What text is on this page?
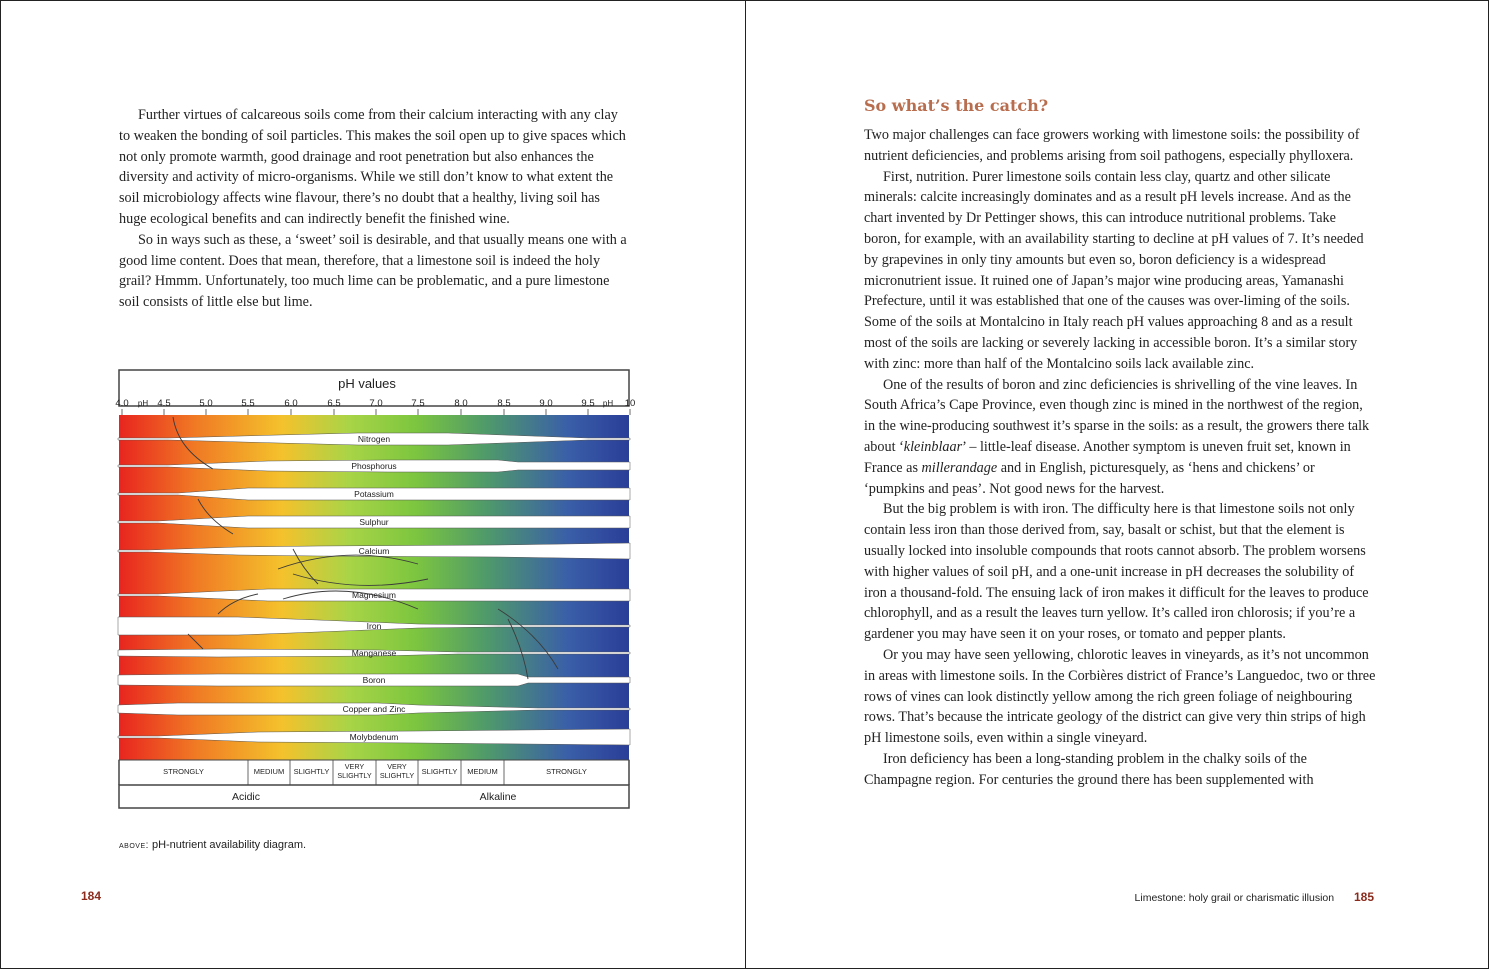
Further virtues of calcareous soils come from their calcium interacting with any clay to weaken the bonding of soil particles. This makes the soil open up to give spaces which not only promote warmth, good drainage and root penetration but also enhances the diversity and activity of micro-organisms. While we still don’t know to what extent the soil microbiology affects wine flavour, there’s no doubt that a healthy, living soil has huge ecological benefits and can indirectly benefit the finished wine.

So in ways such as these, a ‘sweet’ soil is desirable, and that usually means one with a good lime content. Does that mean, therefore, that a limestone soil is indeed the holy grail? Hmmm. Unfortunately, too much lime can be problematic, and a pure limestone soil consists of little else but lime.

pH values
4.0 pH 4.5	5.0	5.5	6.0	6.5	7.0	7.5	8.0	8.5	9.0	9.5 pH 10
Nitrogen
Phosphorus
Potassium
Sulphur
Calcium
Magnesium
Iron
Manganese
Boron
Copper and Zinc
Molybdenum
STRONGLY	MEDIUM SLIGHTLY
VERY
SLIGHTLY
VERY
SLIGHTLY SLIGHTLY MEDIUM	STRONGLY
Acidic	Alkaline
above: pH-nutrient availability diagram.
184
So what’s the catch?

Two major challenges can face growers working with limestone soils: the possibility of nutrient deficiencies, and problems arising from soil pathogens, especially phylloxera.

First, nutrition. Purer limestone soils contain less clay, quartz and other silicate minerals: calcite increasingly dominates and as a result pH levels increase. And as the chart invented by Dr Pettinger shows, this can introduce nutritional problems. Take boron, for example, with an availability starting to decline at pH values of 7. It’s needed by grapevines in only tiny amounts but even so, boron deficiency is a widespread micronutrient issue. It ruined one of Japan’s major wine producing areas, Yamanashi Prefecture, until it was established that one of the causes was over-liming of the soils. Some of the soils at Montalcino in Italy reach pH values approaching 8 and as a result most of the soils are lacking or severely lacking in accessible boron. It’s a similar story with zinc: more than half of the Montalcino soils lack available zinc.

One of the results of boron and zinc deficiencies is shrivelling of the vine leaves. In South Africa’s Cape Province, even though zinc is mined in the northwest of the region, in the wine-producing southwest it’s sparse in the soils: as a result, the growers there talk about ‘kleinblaar’ – little-leaf disease. Another symptom is uneven fruit set, known in France as millerandage and in English, picturesquely, as ‘hens and chickens’ or ‘pumpkins and peas’. Not good news for the harvest.

But the big problem is with iron. The difficulty here is that limestone soils not only contain less iron than those derived from, say, basalt or schist, but that the element is usually locked into insoluble compounds that roots cannot absorb. The problem worsens with higher values of soil pH, and a one-unit increase in pH decreases the solubility of iron a thousand-fold. The ensuing lack of iron makes it difficult for the leaves to produce chlorophyll, and as a result the leaves turn yellow. It’s called iron chlorosis; if you’re a gardener you may have seen it on your roses, or tomato and pepper plants.

Or you may have seen yellowing, chlorotic leaves in vineyards, as it’s not uncommon in areas with limestone soils. In the Corbières district of France’s Languedoc, two or three rows of vines can look distinctly yellow among the rich green foliage of neighbouring rows. That’s because the intricate geology of the district can give very thin strips of high pH limestone soils, even within a single vineyard.

Iron deficiency has been a long-standing problem in the chalky soils of the Champagne region. For centuries the ground there has been supplemented with

Limestone: holy grail or charismatic illusion 185
